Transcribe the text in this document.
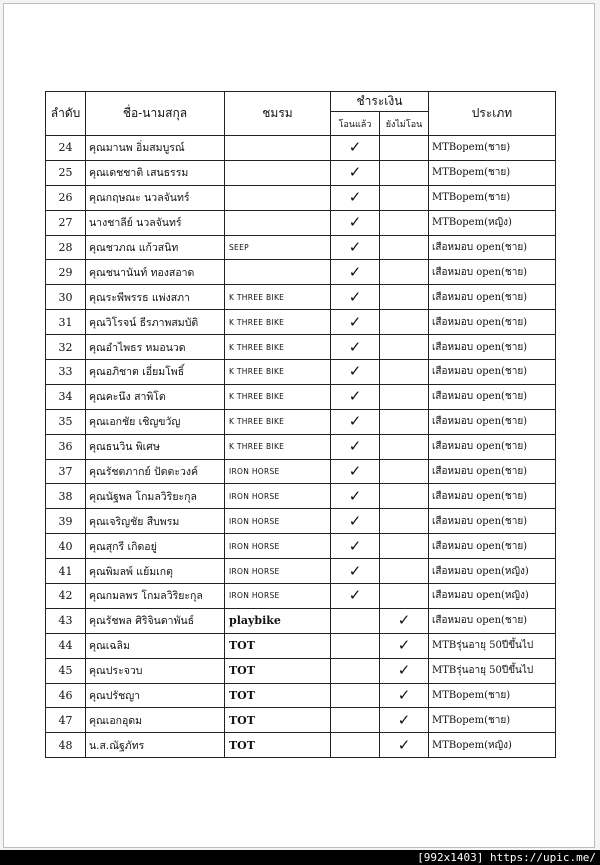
ลำดับ	ชื่อ-นามสกุล	ชมรม	ชำระเงิน		ประเภท
			โอนแล้ว	ยังไม่โอน	
24	คุณมานพ อิ่มสมบูรณ์		✓		MTBopem(ชาย)
25	คุณเดชชาติ เสนธรรม		✓		MTBopem(ชาย)
26	คุณกฤษณะ นวลจันทร์		✓		MTBopem(ชาย)
27	นางชาลีย์ นวลจันทร์		✓		MTBopem(หญิง)
28	คุณชวภณ แก้วสนิท	SEEP	✓		เสือหมอบ open(ชาย)
29	คุณชนานันท์ ทองสอาด		✓		เสือหมอบ open(ชาย)
30	คุณระพีพรรธ แพ่งสภา	K THREE BIKE	✓		เสือหมอบ open(ชาย)
31	คุณวิโรจน์ ธีรภาพสมบัติ	K THREE BIKE	✓		เสือหมอบ open(ชาย)
32	คุณอำไพธร หมอนวด	K THREE BIKE	✓		เสือหมอบ open(ชาย)
33	คุณอภิชาต เอี่ยมโพธิ์	K THREE BIKE	✓		เสือหมอบ open(ชาย)
34	คุณคะนึง สาพิโต	K THREE BIKE	✓		เสือหมอบ open(ชาย)
35	คุณเอกชัย เชิญขวัญ	K THREE BIKE	✓		เสือหมอบ open(ชาย)
36	คุณธนวิน พิเศษ	K THREE BIKE	✓		เสือหมอบ open(ชาย)
37	คุณรัชตภากย์ ปัตตะวงค์	IRON HORSE	✓		เสือหมอบ open(ชาย)
38	คุณนัฐพล โกมลวิริยะกุล	IRON HORSE	✓		เสือหมอบ open(ชาย)
39	คุณเจริญชัย สืบพรม	IRON HORSE	✓		เสือหมอบ open(ชาย)
40	คุณสุกรี เกิดอยู่	IRON HORSE	✓		เสือหมอบ open(ชาย)
41	คุณพิมลพ์ แย้มเกตุ	IRON HORSE	✓		เสือหมอบ open(หญิง)
42	คุณกมลพร โกมลวิริยะกุล	IRON HORSE	✓		เสือหมอบ open(หญิง)
43	คุณรัชพล ศิริจินดาพันธ์	playbike		✓	เสือหมอบ open(ชาย)
44	คุณเฉลิม	TOT		✓	MTBรุ่นอายุ 50ปีขึ้นไป
45	คุณประจวบ	TOT		✓	MTBรุ่นอายุ 50ปีขึ้นไป
46	คุณปรัชญา	TOT		✓	MTBopem(ชาย)
47	คุณเอกอุดม	TOT		✓	MTBopem(ชาย)
48	น.ส.ณัฐภัทร	TOT		✓	MTBopem(หญิง)
[992x1403] https://upic.me/
